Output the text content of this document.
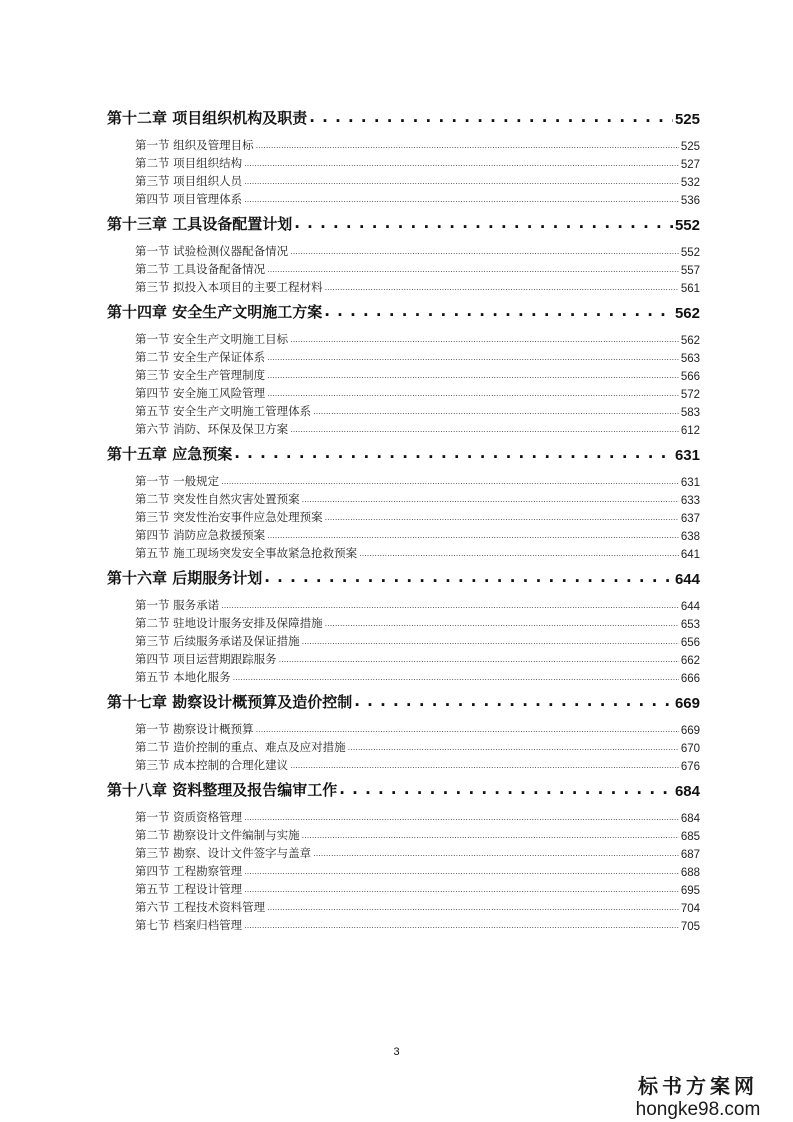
第十二章 项目组织机构及职责 . . .	525
第一节 组织及管理目标 .....	525
第二节 项目组织结构 .....	527
第三节 项目组织人员 .....	532
第四节 项目管理体系 .....	536
第十三章 工具设备配置计划 . . .	552
第一节 试验检测仪器配备情况 .....	552
第二节 工具设备配备情况 .....	557
第三节 拟投入本项目的主要工程材料 .....	561
第十四章 安全生产文明施工方案 . . .	562
第一节 安全生产文明施工目标 .....	562
第二节 安全生产保证体系 .....	563
第三节 安全生产管理制度 .....	566
第四节 安全施工风险管理 .....	572
第五节 安全生产文明施工管理体系 .....	583
第六节 消防、环保及保卫方案 .....	612
第十五章 应急预案 . . .	631
第一节 一般规定 .....	631
第二节 突发性自然灾害处置预案 .....	633
第三节 突发性治安事件应急处理预案 .....	637
第四节 消防应急救援预案 .....	638
第五节 施工现场突发安全事故紧急抢救预案 .....	641
第十六章 后期服务计划 . . .	644
第一节 服务承诺 .....	644
第二节 驻地设计服务安排及保障措施 .....	653
第三节 后续服务承诺及保证措施 .....	656
第四节 项目运营期跟踪服务 .....	662
第五节 本地化服务 .....	666
第十七章 勘察设计概预算及造价控制 . . .	669
第一节 勘察设计概预算 .....	669
第二节 造价控制的重点、难点及应对措施 .....	670
第三节 成本控制的合理化建议 .....	676
第十八章 资料整理及报告编审工作 . . .	684
第一节 资质资格管理 .....	684
第二节 勘察设计文件编制与实施 .....	685
第三节 勘察、设计文件签字与盖章 .....	687
第四节 工程勘察管理 .....	688
第五节 工程设计管理 .....	695
第六节 工程技术资料管理 .....	704
第七节 档案归档管理 .....	705
3
标书方案网
hongke98.com
